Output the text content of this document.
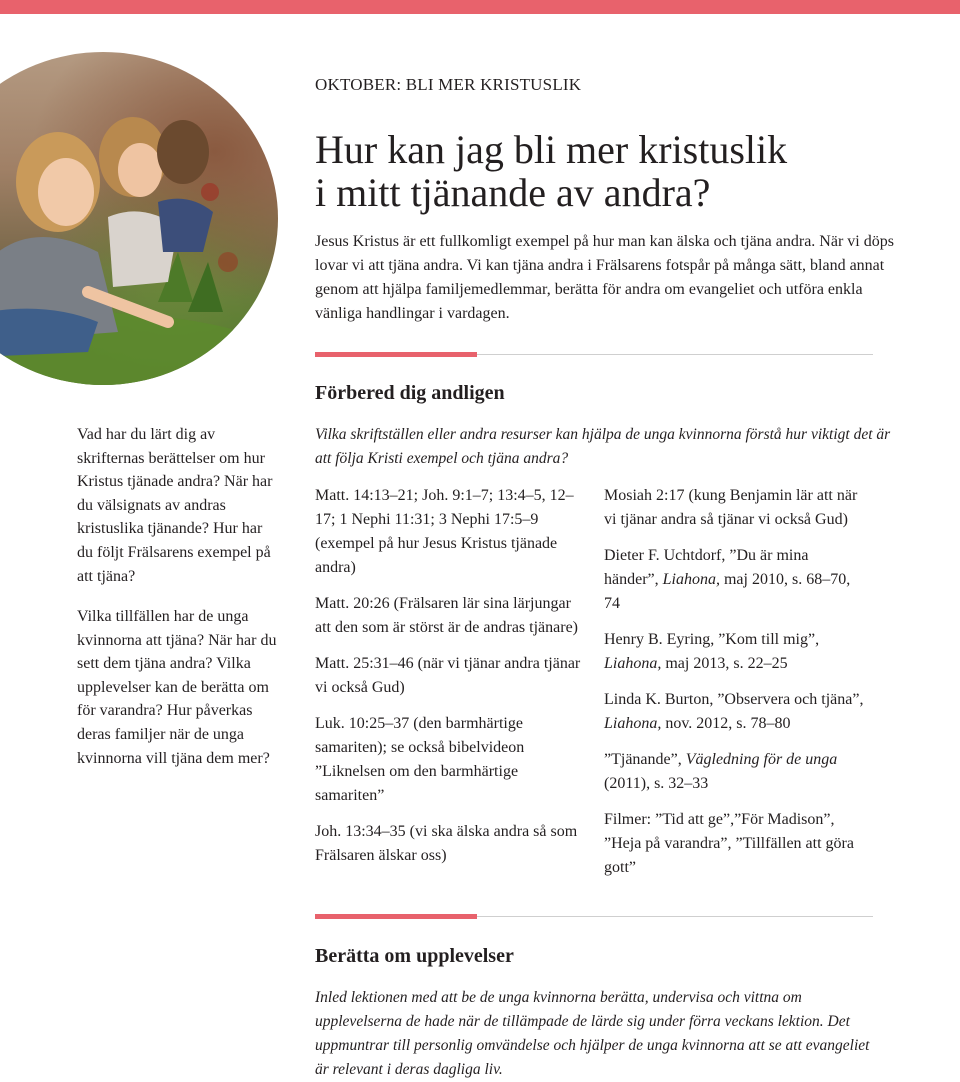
OKTOBER: BLI MER KRISTUSLIK
Hur kan jag bli mer kristuslik
i mitt tjänande av andra?

Jesus Kristus är ett fullkomligt exempel på hur man kan älska och tjäna andra. När vi döps lovar vi att tjäna andra. Vi kan tjäna andra i Frälsarens fotspår på många sätt, bland annat genom att hjälpa familjemedlemmar, berätta för andra om evangeliet och utföra enkla vänliga handlingar i vardagen.

Förbered dig andligen

Vad har du lärt dig av skrifternas berättelser om hur Kristus tjänade andra? När har du välsignats av andras kristuslika tjänande? Hur har du följt Frälsarens exempel på att tjäna?

Vilka tillfällen har de unga kvinnorna att tjäna? När har du sett dem tjäna andra? Vilka upplevelser kan de berätta om för varandra? Hur påverkas deras familjer när de unga kvinnorna vill tjäna dem mer?

Vilka skriftställen eller andra resurser kan hjälpa de unga kvinnorna förstå hur viktigt det är att följa Kristi exempel och tjäna andra?

Matt. 14:13–21; Joh. 9:1–7; 13:4–5, 12–17; 1 Nephi 11:31; 3 Nephi 17:5–9 (exempel på hur Jesus Kristus tjänade andra)

Matt. 20:26 (Frälsaren lär sina lärjungar att den som är störst är de andras tjänare)

Matt. 25:31–46 (när vi tjänar andra tjänar vi också Gud)

Luk. 10:25–37 (den barmhärtige samariten); se också bibelvideon ”Liknelsen om den barmhärtige samariten”

Joh. 13:34–35 (vi ska älska andra så som Frälsaren älskar oss)

Mosiah 2:17 (kung Benjamin lär att när vi tjänar andra så tjänar vi också Gud)

Dieter F. Uchtdorf, ”Du är mina händer”, Liahona, maj 2010, s. 68–70, 74

Henry B. Eyring, ”Kom till mig”, Liahona, maj 2013, s. 22–25

Linda K. Burton, ”Observera och tjäna”, Liahona, nov. 2012, s. 78–80

”Tjänande”, Vägledning för de unga (2011), s. 32–33

Filmer: ”Tid att ge”,”För Madison”, ”Heja på varandra”, ”Tillfällen att göra gott”

Berätta om upplevelser

Inled lektionen med att be de unga kvinnorna berätta, undervisa och vittna om upplevelserna de hade när de tillämpade de lärde sig under förra veckans lektion. Det uppmuntrar till personlig omvändelse och hjälper de unga kvinnorna att se att evangeliet är relevant i deras dagliga liv.
